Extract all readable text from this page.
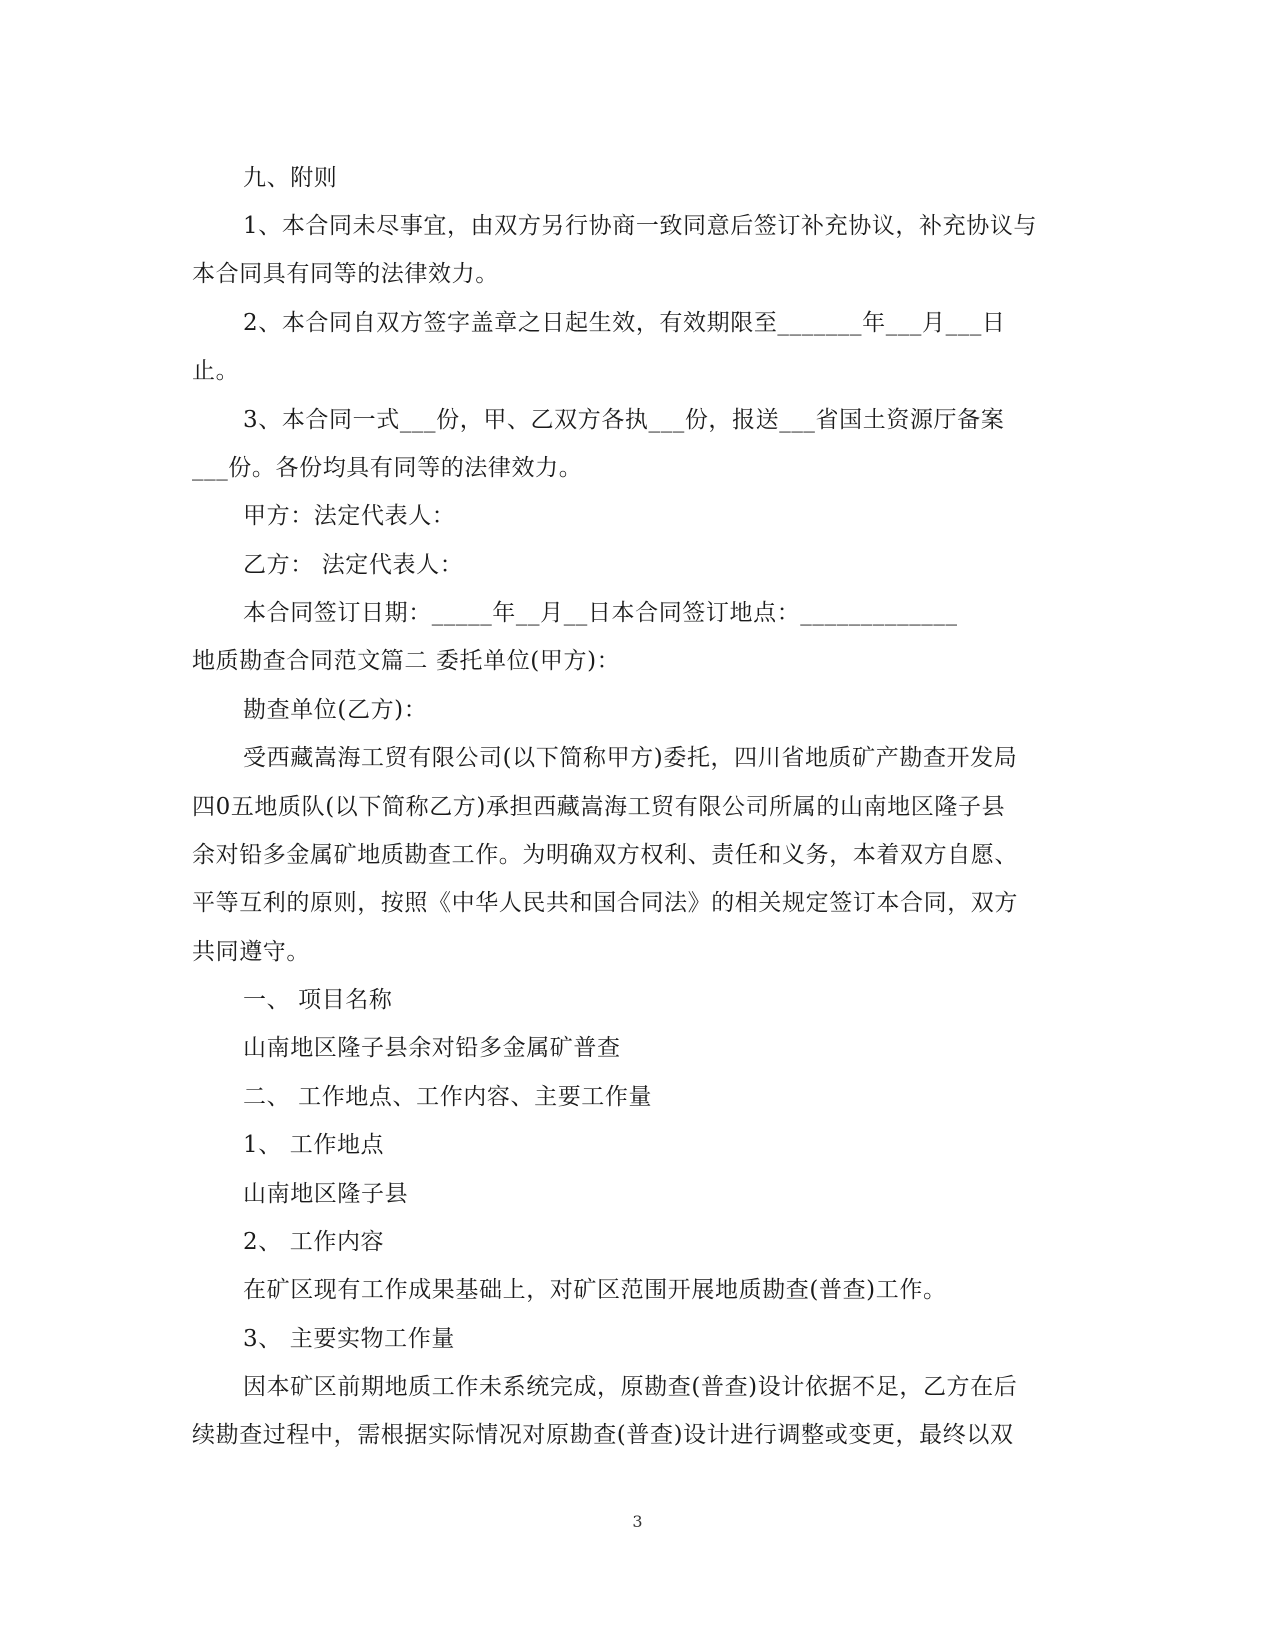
九、附则
1、本合同未尽事宜，由双方另行协商一致同意后签订补充协议，补充协议与
本合同具有同等的法律效力。
2、本合同自双方签字盖章之日起生效，有效期限至_______年___月___日
止。
3、本合同一式___份，甲、乙双方各执___份，报送___省国土资源厅备案
___份。各份均具有同等的法律效力。
甲方：法定代表人：
乙方： 法定代表人：
本合同签订日期：_____年__月__日本合同签订地点：_____________
地质勘查合同范文篇二 委托单位(甲方)：
勘查单位(乙方)：
受西藏嵩海工贸有限公司(以下简称甲方)委托，四川省地质矿产勘查开发局
四0五地质队(以下简称乙方)承担西藏嵩海工贸有限公司所属的山南地区隆子县
余对铅多金属矿地质勘查工作。为明确双方权利、责任和义务，本着双方自愿、
平等互利的原则，按照《中华人民共和国合同法》的相关规定签订本合同，双方
共同遵守。
一、 项目名称
山南地区隆子县余对铅多金属矿普查
二、 工作地点、工作内容、主要工作量
1、 工作地点
山南地区隆子县
2、 工作内容
在矿区现有工作成果基础上，对矿区范围开展地质勘查(普查)工作。
3、 主要实物工作量
因本矿区前期地质工作未系统完成，原勘查(普查)设计依据不足，乙方在后
续勘查过程中，需根据实际情况对原勘查(普查)设计进行调整或变更，最终以双
3
